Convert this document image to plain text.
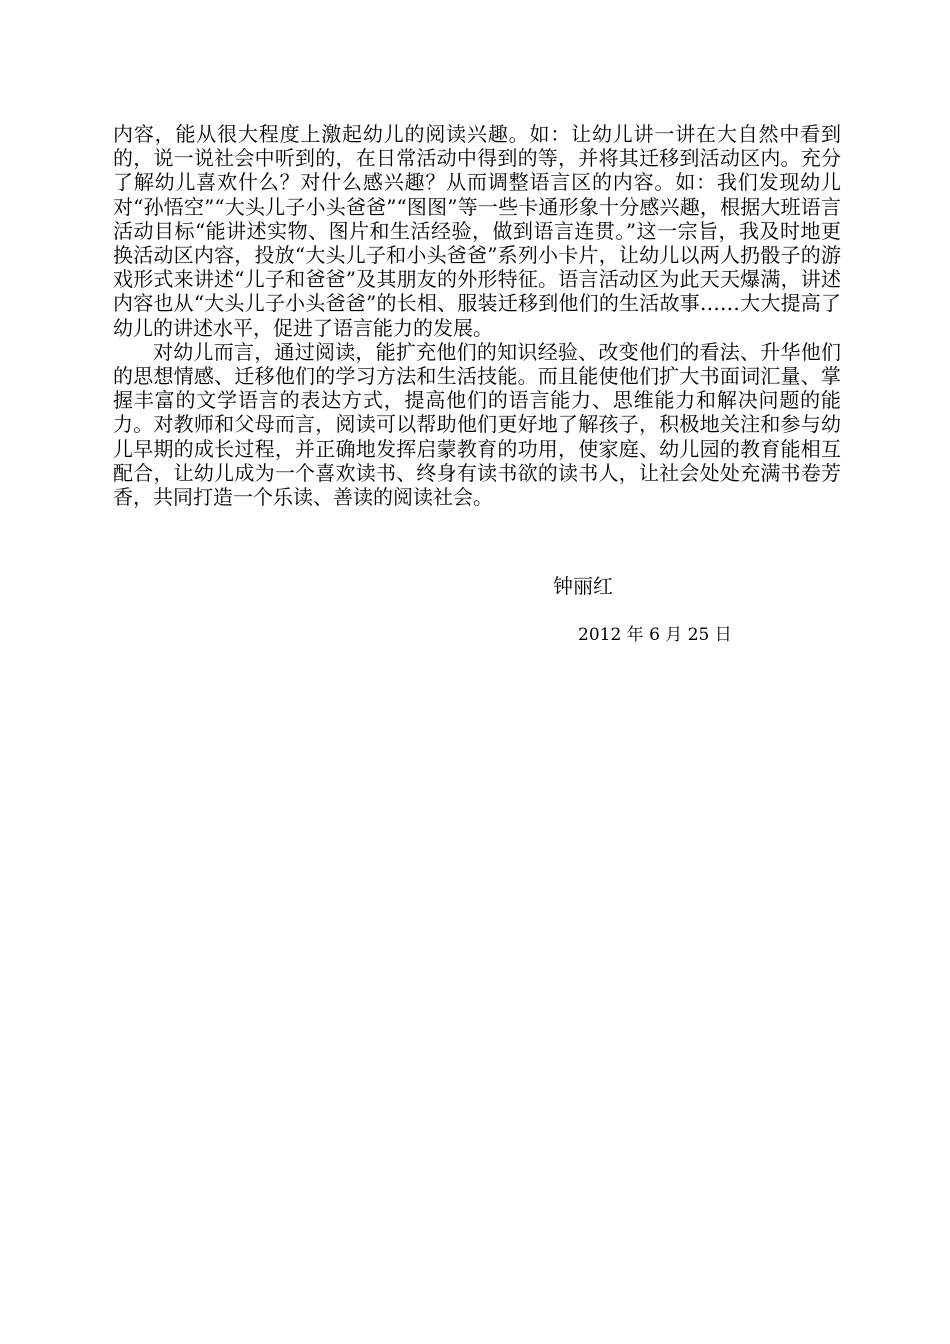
内容，能从很大程度上激起幼儿的阅读兴趣。如：让幼儿讲一讲在大自然中看到的，说一说社会中听到的，在日常活动中得到的等，并将其迁移到活动区内。充分了解幼儿喜欢什么？对什么感兴趣？从而调整语言区的内容。如：我们发现幼儿对“孙悟空”“大头儿子小头爸爸”“图图”等一些卡通形象十分感兴趣，根据大班语言活动目标“能讲述实物、图片和生活经验，做到语言连贯。”这一宗旨，我及时地更换活动区内容，投放“大头儿子和小头爸爸”系列小卡片，让幼儿以两人扔骰子的游戏形式来讲述“儿子和爸爸”及其朋友的外形特征。语言活动区为此天天爆满，讲述内容也从“大头儿子小头爸爸”的长相、服装迁移到他们的生活故事……大大提高了幼儿的讲述水平，促进了语言能力的发展。

对幼儿而言，通过阅读，能扩充他们的知识经验、改变他们的看法、升华他们的思想情感、迁移他们的学习方法和生活技能。而且能使他们扩大书面词汇量、掌握丰富的文学语言的表达方式，提高他们的语言能力、思维能力和解决问题的能力。对教师和父母而言，阅读可以帮助他们更好地了解孩子，积极地关注和参与幼儿早期的成长过程，并正确地发挥启蒙教育的功用，使家庭、幼儿园的教育能相互配合，让幼儿成为一个喜欢读书、终身有读书欲的读书人，让社会处处充满书卷芳香，共同打造一个乐读、善读的阅读社会。

钟丽红
2012 年 6 月 25 日
